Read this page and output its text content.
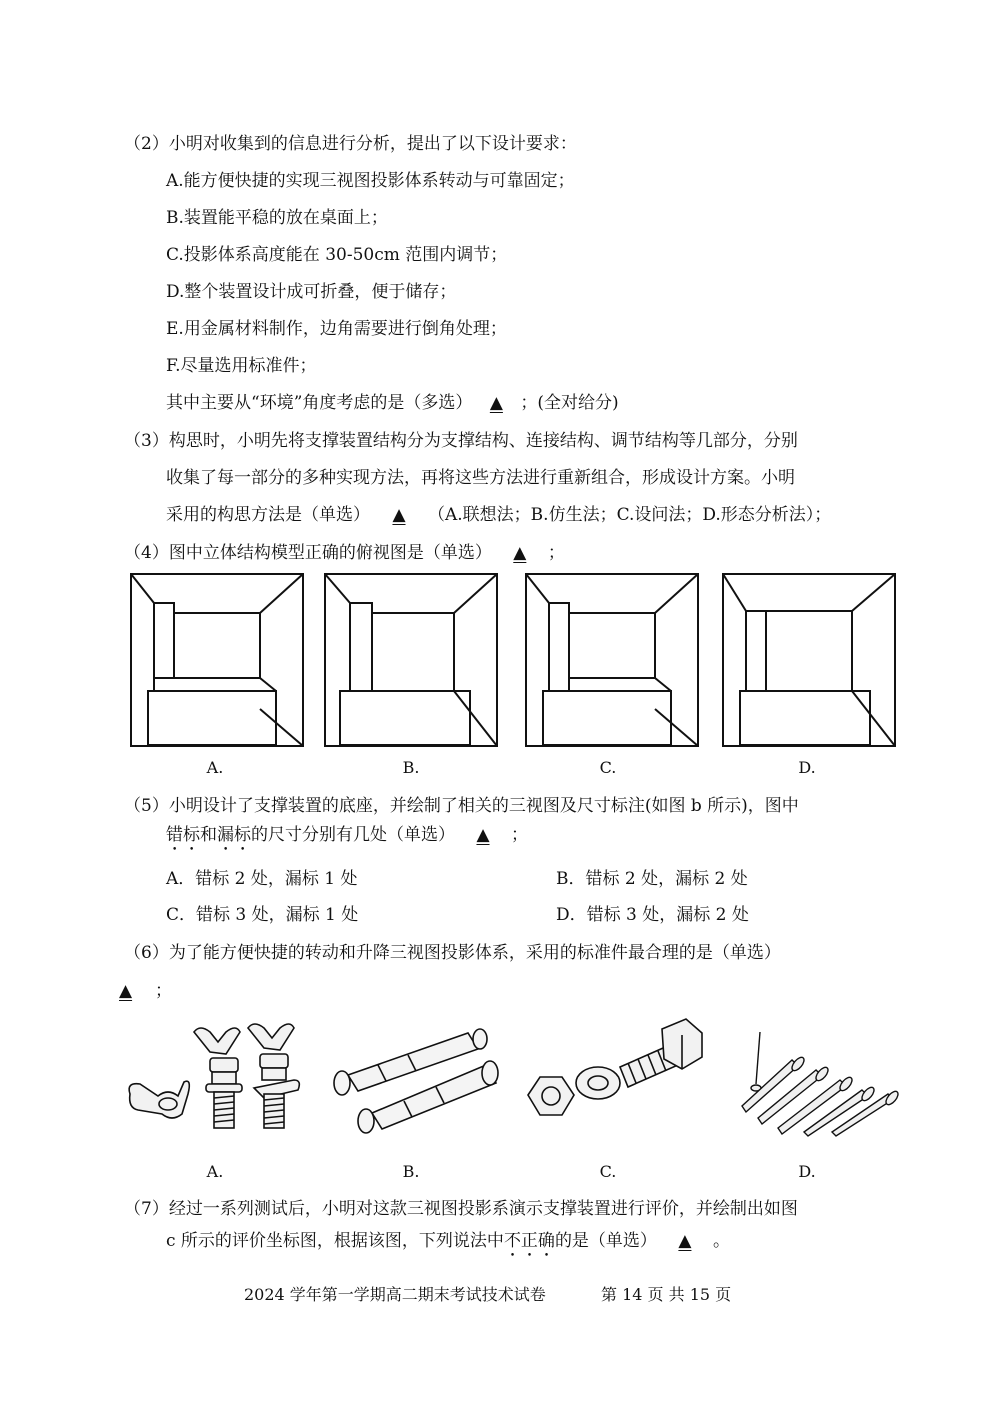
（2）小明对收集到的信息进行分析，提出了以下设计要求：
A.能方便快捷的实现三视图投影体系转动与可靠固定；
B.装置能平稳的放在桌面上；
C.投影体系高度能在 30-50cm 范围内调节；
D.整个装置设计成可折叠，便于储存；
E.用金属材料制作，边角需要进行倒角处理；
F.尽量选用标准件；
其中主要从“环境”角度考虑的是（多选）▲；(全对给分)
（3）构思时，小明先将支撑装置结构分为支撑结构、连接结构、调节结构等几部分，分别
收集了每一部分的多种实现方法，再将这些方法进行重新组合，形成设计方案。小明
采用的构思方法是（单选）▲（A.联想法；B.仿生法；C.设问法；D.形态分析法）；
（4）图中立体结构模型正确的俯视图是（单选）▲；
A.	B.	C.	D.
（5）小明设计了支撑装置的底座，并绘制了相关的三视图及尺寸标注(如图 b 所示)，图中
错标和漏标的尺寸分别有几处（单选）▲；
A．错标 2 处，漏标 1 处	B．错标 2 处，漏标 2 处
C．错标 3 处，漏标 1 处	D．错标 3 处，漏标 2 处
（6）为了能方便快捷的转动和升降三视图投影体系，采用的标准件最合理的是（单选）
▲；
A.	B.	C.	D.
（7）经过一系列测试后，小明对这款三视图投影系演示支撑装置进行评价，并绘制出如图
c 所示的评价坐标图，根据该图，下列说法中不正确的是（单选）▲。
2024 学年第一学期高二期末考试技术试卷	第 14 页 共 15 页
